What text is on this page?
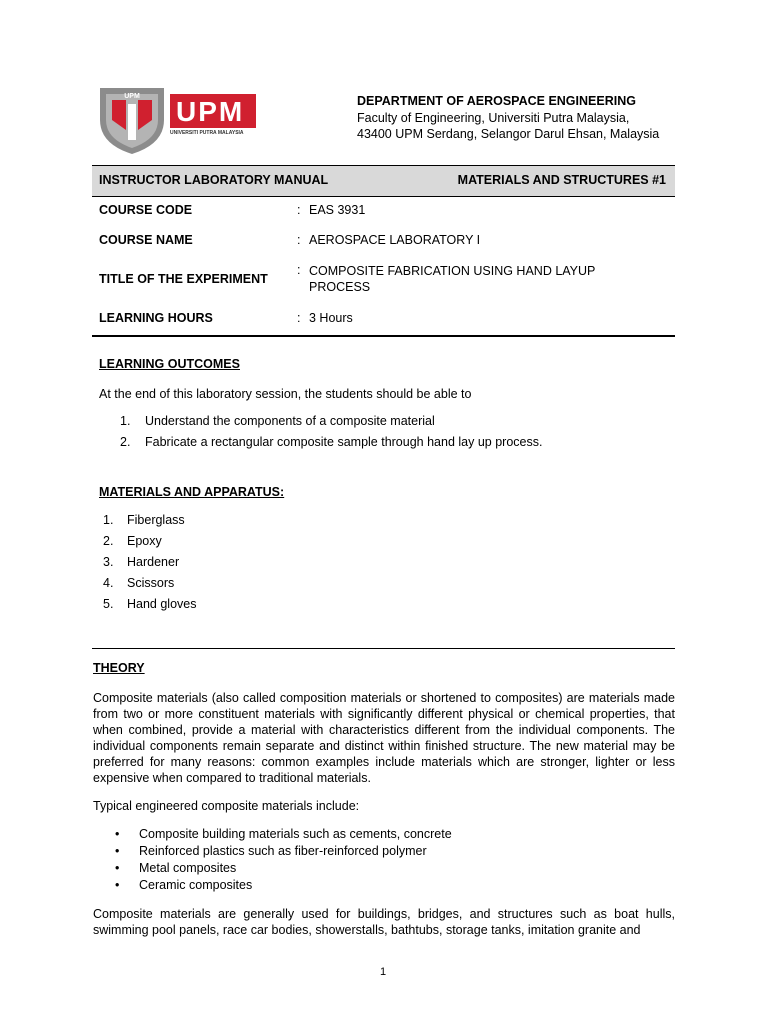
UPM UPM
UNIVERSITI PUTRA MALAYSIA
DEPARTMENT OF AEROSPACE ENGINEERING
Faculty of Engineering, Universiti Putra Malaysia,
43400 UPM Serdang, Selangor Darul Ehsan, Malaysia
INSTRUCTOR LABORATORY MANUAL	MATERIALS AND STRUCTURES #1
COURSE CODE	: EAS 3931
COURSE NAME	: AEROSPACE LABORATORY I
TITLE OF THE EXPERIMENT
: COMPOSITE FABRICATION USING HAND LAYUP
PROCESS
LEARNING HOURS	: 3 Hours
LEARNING OUTCOMES
At the end of this laboratory session, the students should be able to
1. Understand the components of a composite material
2. Fabricate a rectangular composite sample through hand lay up process.
MATERIALS AND APPARATUS:
1. Fiberglass
2. Epoxy
3. Hardener
4. Scissors
5. Hand gloves
THEORY
Composite materials (also called composition materials or shortened to composites) are materials made from two or more constituent materials with significantly different physical or chemical properties, that when combined, provide a material with characteristics different from the individual components. The individual components remain separate and distinct within finished structure. The new material may be preferred for many reasons: common examples include materials which are stronger, lighter or less expensive when compared to traditional materials.
Typical engineered composite materials include:
• Composite building materials such as cements, concrete
• Reinforced plastics such as fiber-reinforced polymer
• Metal composites
• Ceramic composites
Composite materials are generally used for buildings, bridges, and structures such as boat hulls, swimming pool panels, race car bodies, showerstalls, bathtubs, storage tanks, imitation granite and
1
